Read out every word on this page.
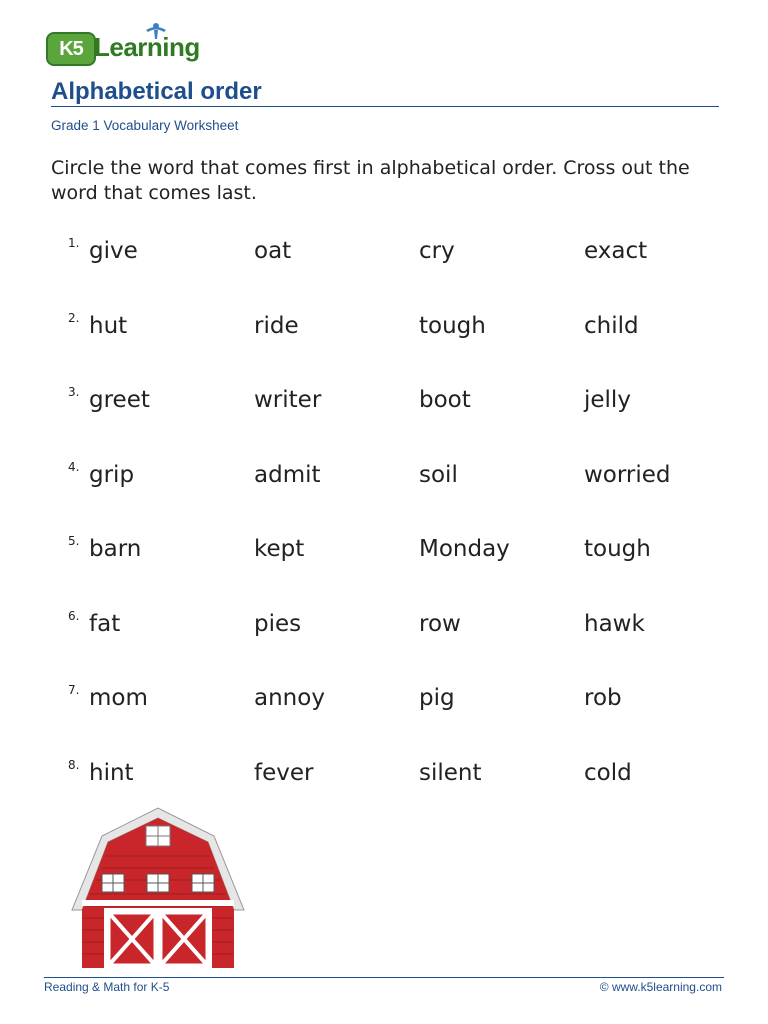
K5 Learning
Alphabetical order
Grade 1 Vocabulary Worksheet
Circle the word that comes first in alphabetical order. Cross out the word that comes last.
1. give	oat	cry	exact
2. hut	ride	tough	child
3. greet	writer	boot	jelly
4. grip	admit	soil	worried
5. barn	kept	Monday	tough
6. fat	pies	row	hawk
7. mom	annoy	pig	rob
8. hint	fever	silent	cold
Reading & Math for K-5	© www.k5learning.com
